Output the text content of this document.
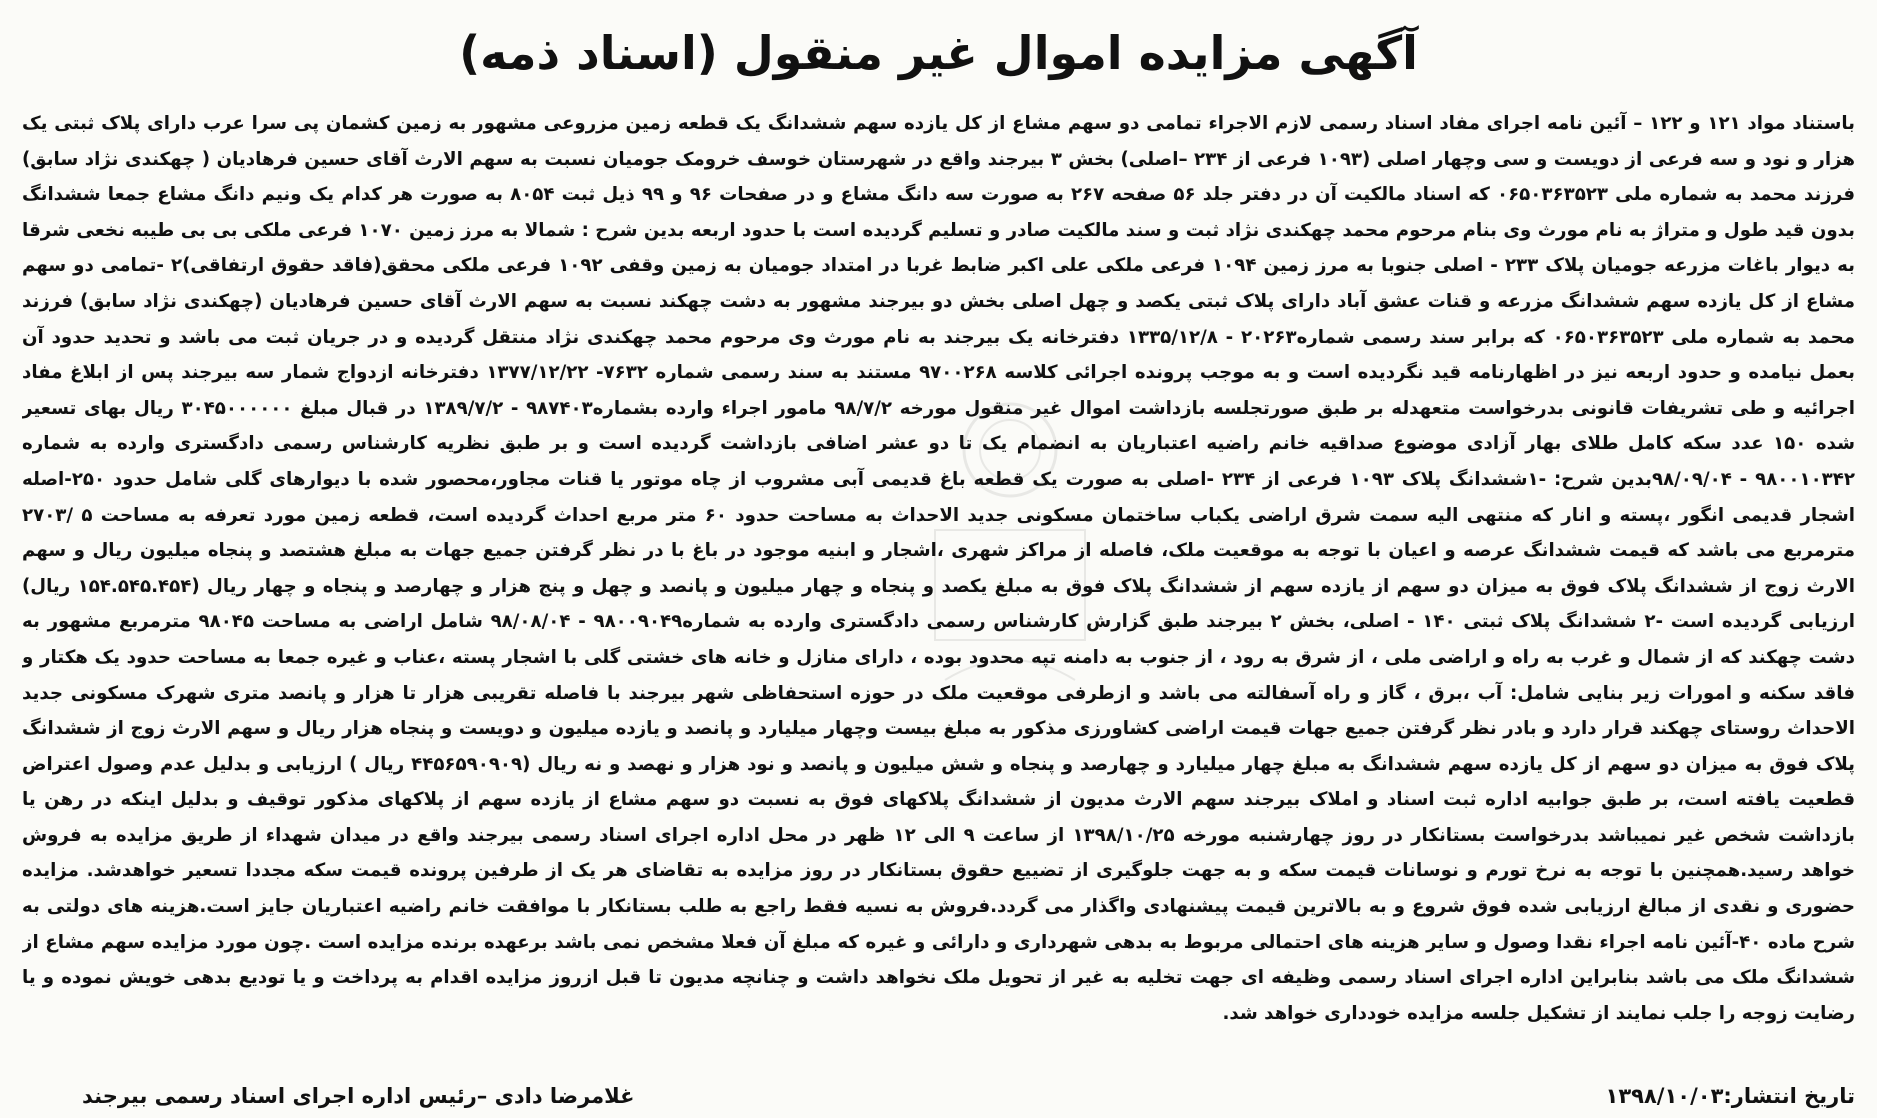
آگهی مزایده اموال غیر منقول (اسناد ذمه)

باستناد مواد ۱۲۱ و ۱۲۲ – آئین نامه اجرای مفاد اسناد رسمی لازم الاجراء تمامی دو سهم مشاع از کل یازده سهم ششدانگ یک قطعه زمین مزروعی مشهور به زمین کشمان پی سرا عرب دارای پلاک ثبتی یک هزار و نود و سه فرعی از دویست و سی وچهار اصلی (۱۰۹۳ فرعی از ۲۳۴ –اصلی) بخش ۳ بیرجند واقع در شهرستان خوسف خرومک جومیان نسبت به سهم الارث آقای حسین فرهادیان ( چهکندی نژاد سابق) فرزند محمد به شماره ملی ۰۶۵۰۳۶۳۵۲۳ که اسناد مالکیت آن در دفتر جلد ۵۶ صفحه ۲۶۷ به صورت سه دانگ مشاع و در صفحات ۹۶ و ۹۹ ذیل ثبت ۸۰۵۴ به صورت هر کدام یک ونیم دانگ مشاع جمعا ششدانگ بدون قید طول و متراژ به نام مورث وی بنام مرحوم محمد چهکندی نژاد ثبت و سند مالکیت صادر و تسلیم گردیده است با حدود اربعه بدین شرح : شمالا به مرز زمین ۱۰۷۰ فرعی ملکی بی بی طیبه نخعی شرقا به دیوار باغات مزرعه جومیان پلاک ۲۳۳ - اصلی جنوبا به مرز زمین ۱۰۹۴ فرعی ملکی علی اکبر ضابط غربا در امتداد جومیان به زمین وقفی ۱۰۹۲ فرعی ملکی محقق(فاقد حقوق ارتفاقی)۲ -تمامی دو سهم مشاع از کل یازده سهم ششدانگ مزرعه و قنات عشق آباد دارای پلاک ثبتی یکصد و چهل اصلی بخش دو بیرجند مشهور به دشت چهکند نسبت به سهم الارث آقای حسین فرهادیان (چهکندی نژاد سابق) فرزند محمد به شماره ملی ۰۶۵۰۳۶۳۵۲۳ که برابر سند رسمی شماره۲۰۲۶۳ - ۱۳۳۵/۱۲/۸ دفترخانه یک بیرجند به نام مورث وی مرحوم محمد چهکندی نژاد منتقل گردیده و در جریان ثبت می باشد و تحدید حدود آن بعمل نیامده و حدود اربعه نیز در اظهارنامه قید نگردیده است و به موجب پرونده اجرائی کلاسه ۹۷۰۰۲۶۸ مستند به سند رسمی شماره ۷۶۳۲- ۱۳۷۷/۱۲/۲۲ دفترخانه ازدواج شمار سه بیرجند پس از ابلاغ مفاد اجرائیه و طی تشریفات قانونی بدرخواست متعهدله بر طبق صورتجلسه بازداشت اموال غیر منقول مورخه ۹۸/۷/۲ مامور اجراء وارده بشماره۹۸۷۴۰۳ - ۱۳۸۹/۷/۲ در قبال مبلغ ۳۰۴۵۰۰۰۰۰۰ ریال بهای تسعیر شده ۱۵۰ عدد سکه کامل طلای بهار آزادی موضوع صداقیه خانم راضیه اعتباریان به انضمام یک تا دو عشر اضافی بازداشت گردیده است و بر طبق نظریه کارشناس رسمی دادگستری وارده به شماره ۹۸۰۰۱۰۳۴۲ - ۹۸/۰۹/۰۴بدین شرح: -۱ششدانگ پلاک ۱۰۹۳ فرعی از ۲۳۴ -اصلی به صورت یک قطعه باغ قدیمی آبی مشروب از چاه موتور یا قنات مجاور،محصور شده با دیوارهای گلی شامل حدود ۲۵۰-اصله اشجار قدیمی انگور ،پسته و انار که منتهی الیه سمت شرق اراضی یکباب ساختمان مسکونی جدید الاحداث به مساحت حدود ۶۰ متر مربع احداث گردیده است، قطعه زمین مورد تعرفه به مساحت ۵ /۲۷۰۳ مترمربع می باشد که قیمت ششدانگ عرصه و اعیان با توجه به موقعیت ملک، فاصله از مراکز شهری ،اشجار و ابنیه موجود در باغ با در نظر گرفتن جمیع جهات به مبلغ هشتصد و پنجاه میلیون ریال و سهم الارث زوج از ششدانگ پلاک فوق به میزان دو سهم از یازده سهم از ششدانگ پلاک فوق به مبلغ یکصد و پنجاه و چهار میلیون و پانصد و چهل و پنج هزار و چهارصد و پنجاه و چهار ریال (۱۵۴.۵۴۵.۴۵۴ ریال) ارزیابی گردیده است -۲ ششدانگ پلاک ثبتی ۱۴۰ - اصلی، بخش ۲ بیرجند طبق گزارش کارشناس رسمی دادگستری وارده به شماره۹۸۰۰۹۰۴۹ - ۹۸/۰۸/۰۴ شامل اراضی به مساحت ۹۸۰۴۵ مترمربع مشهور به دشت چهکند که از شمال و غرب به راه و اراضی ملی ، از شرق به رود ، از جنوب به دامنه تپه محدود بوده ، دارای منازل و خانه های خشتی گلی با اشجار پسته ،عناب و غیره جمعا به مساحت حدود یک هکتار و فاقد سکنه و امورات زیر بنایی شامل: آب ،برق ، گاز و راه آسفالته می باشد و ازطرفی موقعیت ملک در حوزه استحفاظی شهر بیرجند با فاصله تقریبی هزار تا هزار و پانصد متری شهرک مسکونی جدید الاحداث روستای چهکند قرار دارد و بادر نظر گرفتن جمیع جهات قیمت اراضی کشاورزی مذکور به مبلغ بیست وچهار میلیارد و پانصد و یازده میلیون و دویست و پنجاه هزار ریال و سهم الارث زوج از ششدانگ پلاک فوق به میزان دو سهم از کل یازده سهم ششدانگ به مبلغ چهار میلیارد و چهارصد و پنجاه و شش میلیون و پانصد و نود هزار و نهصد و نه ریال (۴۴۵۶۵۹۰۹۰۹ ریال ) ارزیابی و بدلیل عدم وصول اعتراض قطعیت یافته است، بر طبق جوابیه اداره ثبت اسناد و املاک بیرجند سهم الارث مدیون از ششدانگ پلاکهای فوق به نسبت دو سهم مشاع از یازده سهم از پلاکهای مذکور توقیف و بدلیل اینکه در رهن یا بازداشت شخص غیر نمیباشد بدرخواست بستانکار در روز چهارشنبه مورخه ۱۳۹۸/۱۰/۲۵ از ساعت ۹ الی ۱۲ ظهر در محل اداره اجرای اسناد رسمی بیرجند واقع در میدان شهداء از طریق مزایده به فروش خواهد رسید.همچنین با توجه به نرخ تورم و نوسانات قیمت سکه و به جهت جلوگیری از تضییع حقوق بستانکار در روز مزایده به تقاضای هر یک از طرفین پرونده قیمت سکه مجددا تسعیر خواهدشد. مزایده حضوری و نقدی از مبالغ ارزیابی شده فوق شروع و به بالاترین قیمت پیشنهادی واگذار می گردد.فروش به نسیه فقط راجع به طلب بستانکار با موافقت خانم راضیه اعتباریان جایز است.هزینه های دولتی به شرح ماده ۴۰-آئین نامه اجراء نقدا وصول و سایر هزینه های احتمالی مربوط به بدهی شهرداری و دارائی و غیره که مبلغ آن فعلا مشخص نمی باشد برعهده برنده مزایده است .چون مورد مزایده سهم مشاع از ششدانگ ملک می باشد بنابراین اداره اجرای اسناد رسمی وظیفه ای جهت تخلیه به غیر از تحویل ملک نخواهد داشت و چنانچه مدیون تا قبل ازروز مزایده اقدام به پرداخت و یا تودیع بدهی خویش نموده و یا رضایت زوجه را جلب نمایند از تشکیل جلسه مزایده خودداری خواهد شد.

تاریخ انتشار:۱۳۹۸/۱۰/۰۳
غلامرضا دادی –رئیس اداره اجرای اسناد رسمی بیرجند
